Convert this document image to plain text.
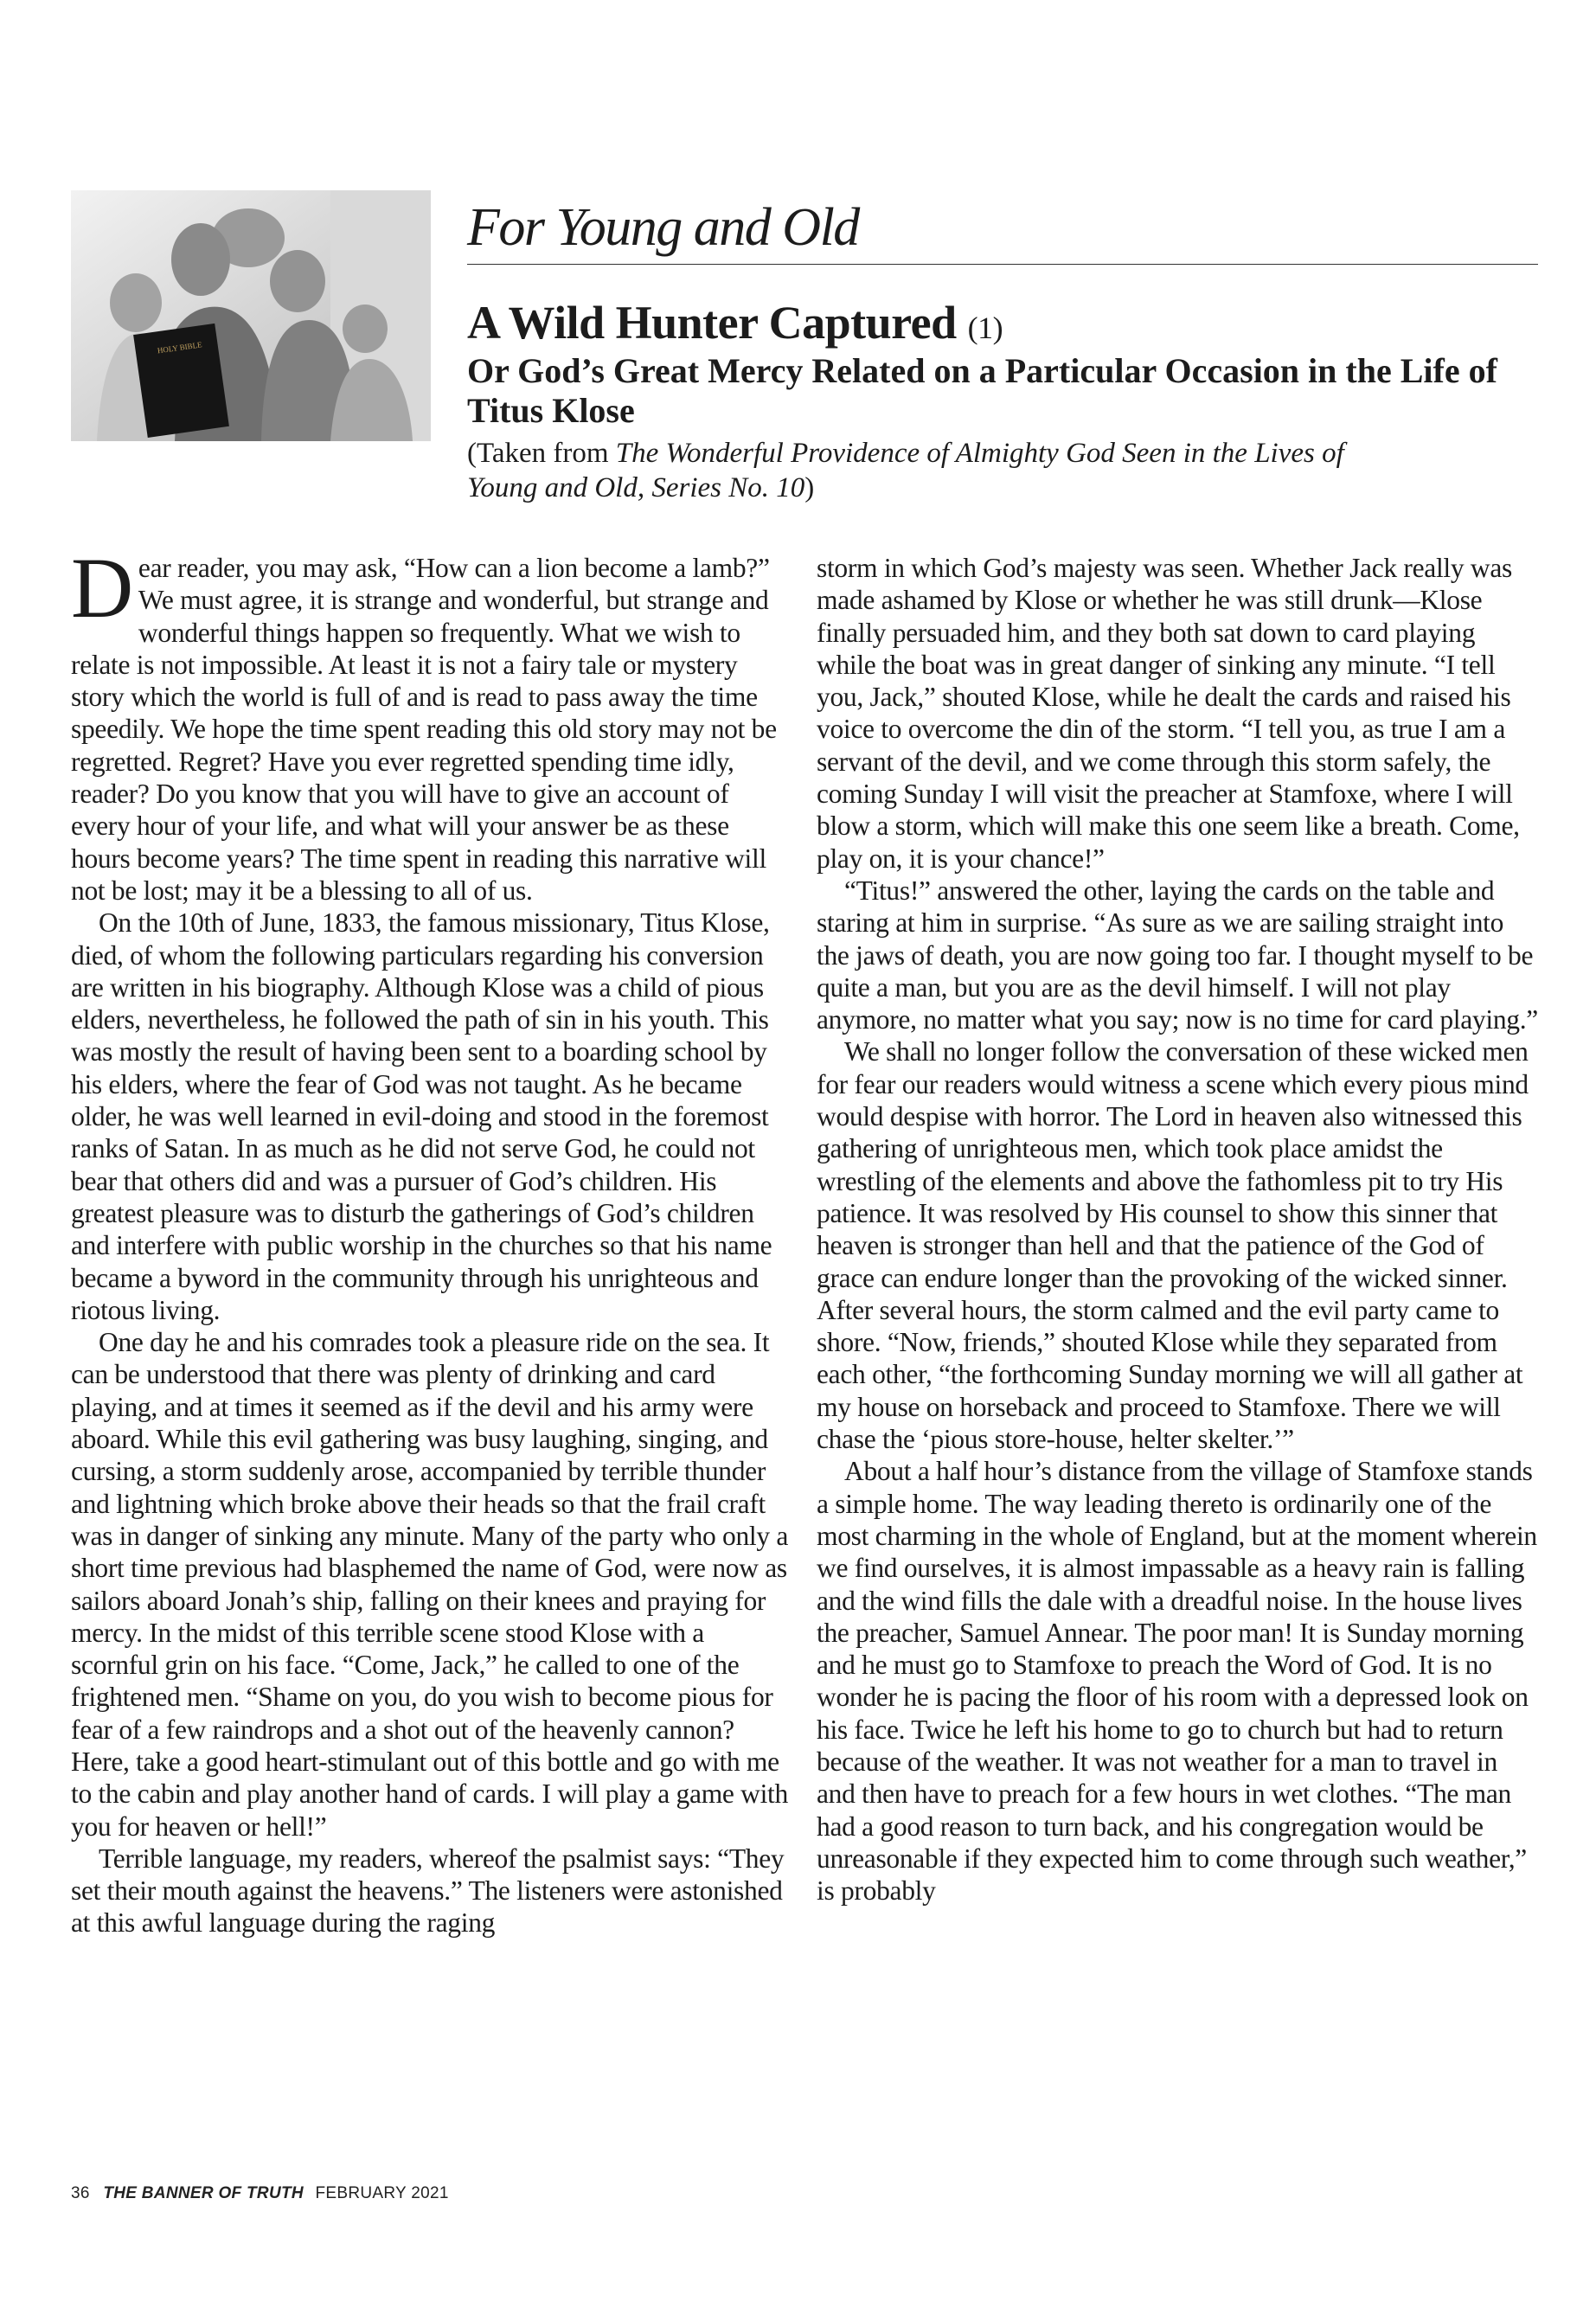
HOLY BIBLE
For Young and Old
A Wild Hunter Captured (1)
Or God’s Great Mercy Related on a Particular Occasion in the Life of Titus Klose

(Taken from The Wonderful Providence of Almighty God Seen in the Lives of Young and Old, Series No. 10)

Dear reader, you may ask, “How can a lion become a lamb?” We must agree, it is strange and wonderful, but strange and wonderful things happen so frequently. What we wish to relate is not impossible. At least it is not a fairy tale or mystery story which the world is full of and is read to pass away the time speedily. We hope the time spent reading this old story may not be regretted. Regret? Have you ever regretted spending time idly, reader? Do you know that you will have to give an account of every hour of your life, and what will your answer be as these hours become years? The time spent in reading this narrative will not be lost; may it be a blessing to all of us.

On the 10th of June, 1833, the famous missionary, Titus Klose, died, of whom the following particulars regarding his conversion are written in his biography. Although Klose was a child of pious elders, nevertheless, he followed the path of sin in his youth. This was mostly the result of having been sent to a boarding school by his elders, where the fear of God was not taught. As he became older, he was well learned in evil-doing and stood in the foremost ranks of Satan. In as much as he did not serve God, he could not bear that others did and was a pursuer of God’s children. His greatest pleasure was to disturb the gatherings of God’s children and interfere with public worship in the churches so that his name became a byword in the community through his unrighteous and riotous living.

One day he and his comrades took a pleasure ride on the sea. It can be understood that there was plenty of drinking and card playing, and at times it seemed as if the devil and his army were aboard. While this evil gathering was busy laughing, singing, and cursing, a storm suddenly arose, accompanied by terrible thunder and lightning which broke above their heads so that the frail craft was in danger of sinking any minute. Many of the party who only a short time previous had blasphemed the name of God, were now as sailors aboard Jonah’s ship, falling on their knees and praying for mercy. In the midst of this terrible scene stood Klose with a scornful grin on his face. “Come, Jack,” he called to one of the frightened men. “Shame on you, do you wish to become pious for fear of a few raindrops and a shot out of the heavenly cannon? Here, take a good heart-stimulant out of this bottle and go with me to the cabin and play another hand of cards. I will play a game with you for heaven or hell!”

Terrible language, my readers, whereof the psalmist says: “They set their mouth against the heavens.” The listeners were astonished at this awful language during the raging

storm in which God’s majesty was seen. Whether Jack really was made ashamed by Klose or whether he was still drunk—Klose finally persuaded him, and they both sat down to card playing while the boat was in great danger of sinking any minute. “I tell you, Jack,” shouted Klose, while he dealt the cards and raised his voice to overcome the din of the storm. “I tell you, as true I am a servant of the devil, and we come through this storm safely, the coming Sunday I will visit the preacher at Stamfoxe, where I will blow a storm, which will make this one seem like a breath. Come, play on, it is your chance!”

“Titus!” answered the other, laying the cards on the table and staring at him in surprise. “As sure as we are sailing straight into the jaws of death, you are now going too far. I thought myself to be quite a man, but you are as the devil himself. I will not play anymore, no matter what you say; now is no time for card playing.”

We shall no longer follow the conversation of these wicked men for fear our readers would witness a scene which every pious mind would despise with horror. The Lord in heaven also witnessed this gathering of unrighteous men, which took place amidst the wrestling of the elements and above the fathomless pit to try His patience. It was resolved by His counsel to show this sinner that heaven is stronger than hell and that the patience of the God of grace can endure longer than the provoking of the wicked sinner. After several hours, the storm calmed and the evil party came to shore. “Now, friends,” shouted Klose while they separated from each other, “the forthcoming Sunday morning we will all gather at my house on horseback and proceed to Stamfoxe. There we will chase the ‘pious store-house, helter skelter.’”

About a half hour’s distance from the village of Stamfoxe stands a simple home. The way leading thereto is ordinarily one of the most charming in the whole of England, but at the moment wherein we find ourselves, it is almost impassable as a heavy rain is falling and the wind fills the dale with a dreadful noise. In the house lives the preacher, Samuel Annear. The poor man! It is Sunday morning and he must go to Stamfoxe to preach the Word of God. It is no wonder he is pacing the floor of his room with a depressed look on his face. Twice he left his home to go to church but had to return because of the weather. It was not weather for a man to travel in and then have to preach for a few hours in wet clothes. “The man had a good reason to turn back, and his congregation would be unreasonable if they expected him to come through such weather,” is probably

36 THE BANNER OF TRUTH FEBRUARY 2021
